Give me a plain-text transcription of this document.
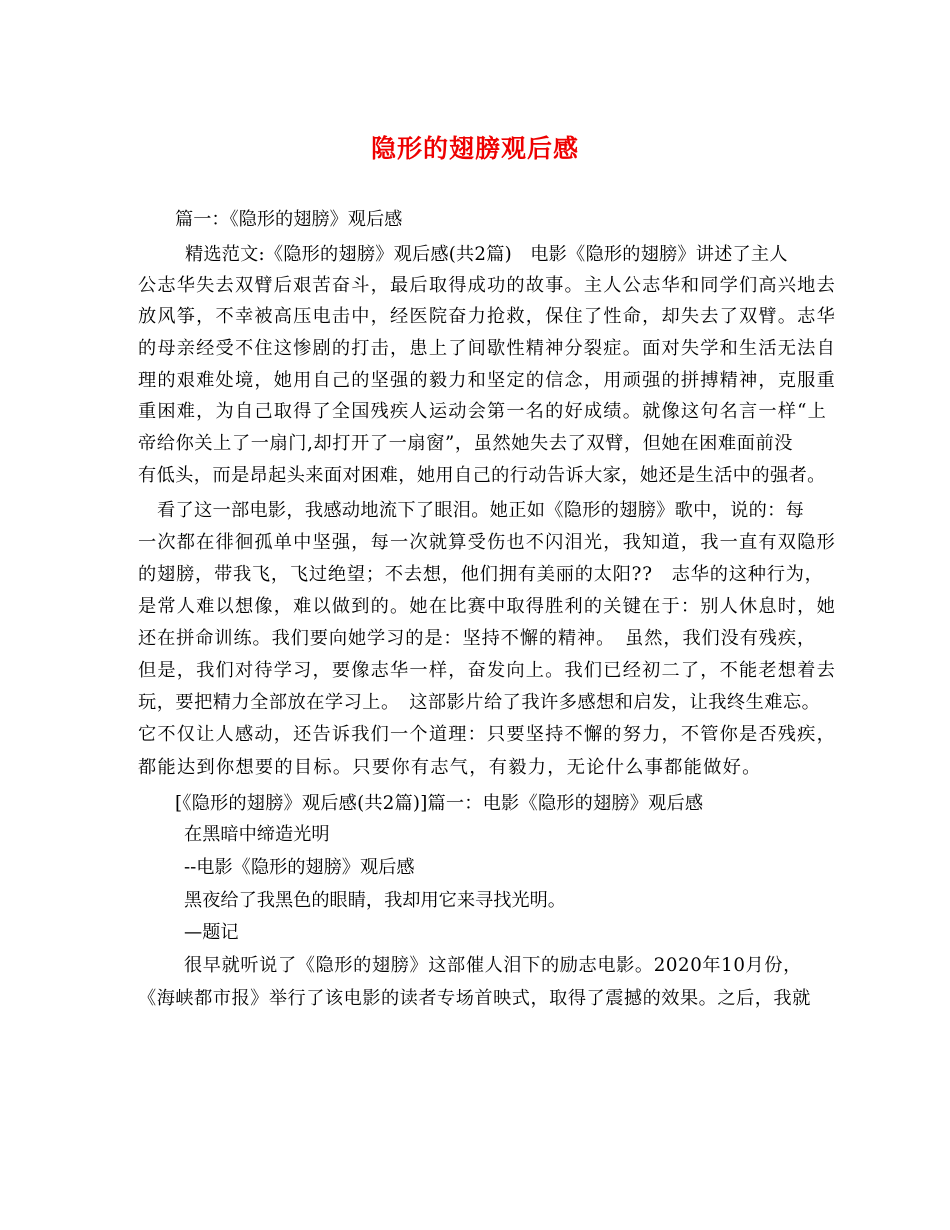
隐形的翅膀观后感

篇一：《隐形的翅膀》观后感

精选范文:《隐形的翅膀》观后感(共2篇)　电影《隐形的翅膀》讲述了主人

公志华失去双臂后艰苦奋斗，最后取得成功的故事。主人公志华和同学们高兴地去

放风筝，不幸被高压电击中，经医院奋力抢救，保住了性命，却失去了双臂。志华

的母亲经受不住这惨剧的打击，患上了间歇性精神分裂症。面对失学和生活无法自

理的艰难处境，她用自己的坚强的毅力和坚定的信念，用顽强的拼搏精神，克服重

重困难，为自己取得了全国残疾人运动会第一名的好成绩。就像这句名言一样“上

帝给你关上了一扇门,却打开了一扇窗”，虽然她失去了双臂，但她在困难面前没

有低头，而是昂起头来面对困难，她用自己的行动告诉大家，她还是生活中的强者。

看了这一部电影，我感动地流下了眼泪。她正如《隐形的翅膀》歌中，说的：每

一次都在徘徊孤单中坚强，每一次就算受伤也不闪泪光，我知道，我一直有双隐形

的翅膀，带我飞，飞过绝望；不去想，他们拥有美丽的太阳??　志华的这种行为，

是常人难以想像，难以做到的。她在比赛中取得胜利的关键在于：别人休息时，她

还在拼命训练。我们要向她学习的是：坚持不懈的精神。　虽然，我们没有残疾，

但是，我们对待学习，要像志华一样，奋发向上。我们已经初二了，不能老想着去

玩，要把精力全部放在学习上。　这部影片给了我许多感想和启发，让我终生难忘。

它不仅让人感动，还告诉我们一个道理：只要坚持不懈的努力，不管你是否残疾，

都能达到你想要的目标。只要你有志气，有毅力，无论什么事都能做好。

[《隐形的翅膀》观后感(共2篇)]篇一：电影《隐形的翅膀》观后感

在黑暗中缔造光明

--电影《隐形的翅膀》观后感

黑夜给了我黑色的眼睛，我却用它来寻找光明。

—题记

很早就听说了《隐形的翅膀》这部催人泪下的励志电影。2020年10月份，

《海峡都市报》举行了该电影的读者专场首映式，取得了震撼的效果。之后，我就
